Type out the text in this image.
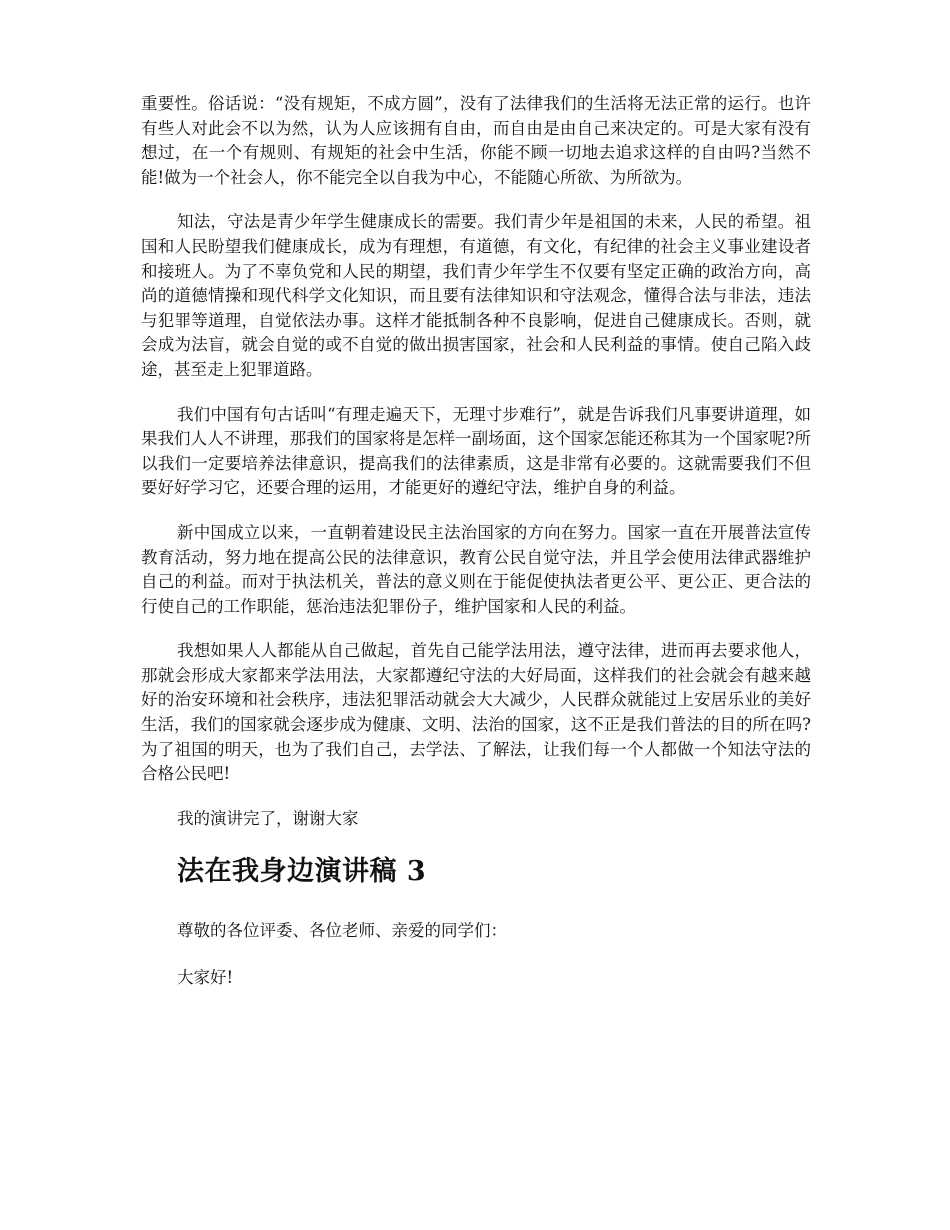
重要性。俗话说：“没有规矩，不成方圆”，没有了法律我们的生活将无法正常的运行。也许有些人对此会不以为然，认为人应该拥有自由，而自由是由自己来决定的。可是大家有没有想过，在一个有规则、有规矩的社会中生活，你能不顾一切地去追求这样的自由吗?当然不能!做为一个社会人，你不能完全以自我为中心，不能随心所欲、为所欲为。

知法，守法是青少年学生健康成长的需要。我们青少年是祖国的未来，人民的希望。祖国和人民盼望我们健康成长，成为有理想，有道德，有文化，有纪律的社会主义事业建设者和接班人。为了不辜负党和人民的期望，我们青少年学生不仅要有坚定正确的政治方向，高尚的道德情操和现代科学文化知识，而且要有法律知识和守法观念，懂得合法与非法，违法与犯罪等道理，自觉依法办事。这样才能抵制各种不良影响，促进自己健康成长。否则，就会成为法盲，就会自觉的或不自觉的做出损害国家，社会和人民利益的事情。使自己陷入歧途，甚至走上犯罪道路。

我们中国有句古话叫“有理走遍天下，无理寸步难行”，就是告诉我们凡事要讲道理，如果我们人人不讲理，那我们的国家将是怎样一副场面，这个国家怎能还称其为一个国家呢?所以我们一定要培养法律意识，提高我们的法律素质，这是非常有必要的。这就需要我们不但要好好学习它，还要合理的运用，才能更好的遵纪守法，维护自身的利益。

新中国成立以来，一直朝着建设民主法治国家的方向在努力。国家一直在开展普法宣传教育活动，努力地在提高公民的法律意识，教育公民自觉守法，并且学会使用法律武器维护自己的利益。而对于执法机关，普法的意义则在于能促使执法者更公平、更公正、更合法的行使自己的工作职能，惩治违法犯罪份子，维护国家和人民的利益。

我想如果人人都能从自己做起，首先自己能学法用法，遵守法律，进而再去要求他人，那就会形成大家都来学法用法，大家都遵纪守法的大好局面，这样我们的社会就会有越来越好的治安环境和社会秩序，违法犯罪活动就会大大减少，人民群众就能过上安居乐业的美好生活，我们的国家就会逐步成为健康、文明、法治的国家，这不正是我们普法的目的所在吗?为了祖国的明天，也为了我们自己，去学法、了解法，让我们每一个人都做一个知法守法的合格公民吧!

我的演讲完了，谢谢大家

法在我身边演讲稿 3

尊敬的各位评委、各位老师、亲爱的同学们：

大家好!
